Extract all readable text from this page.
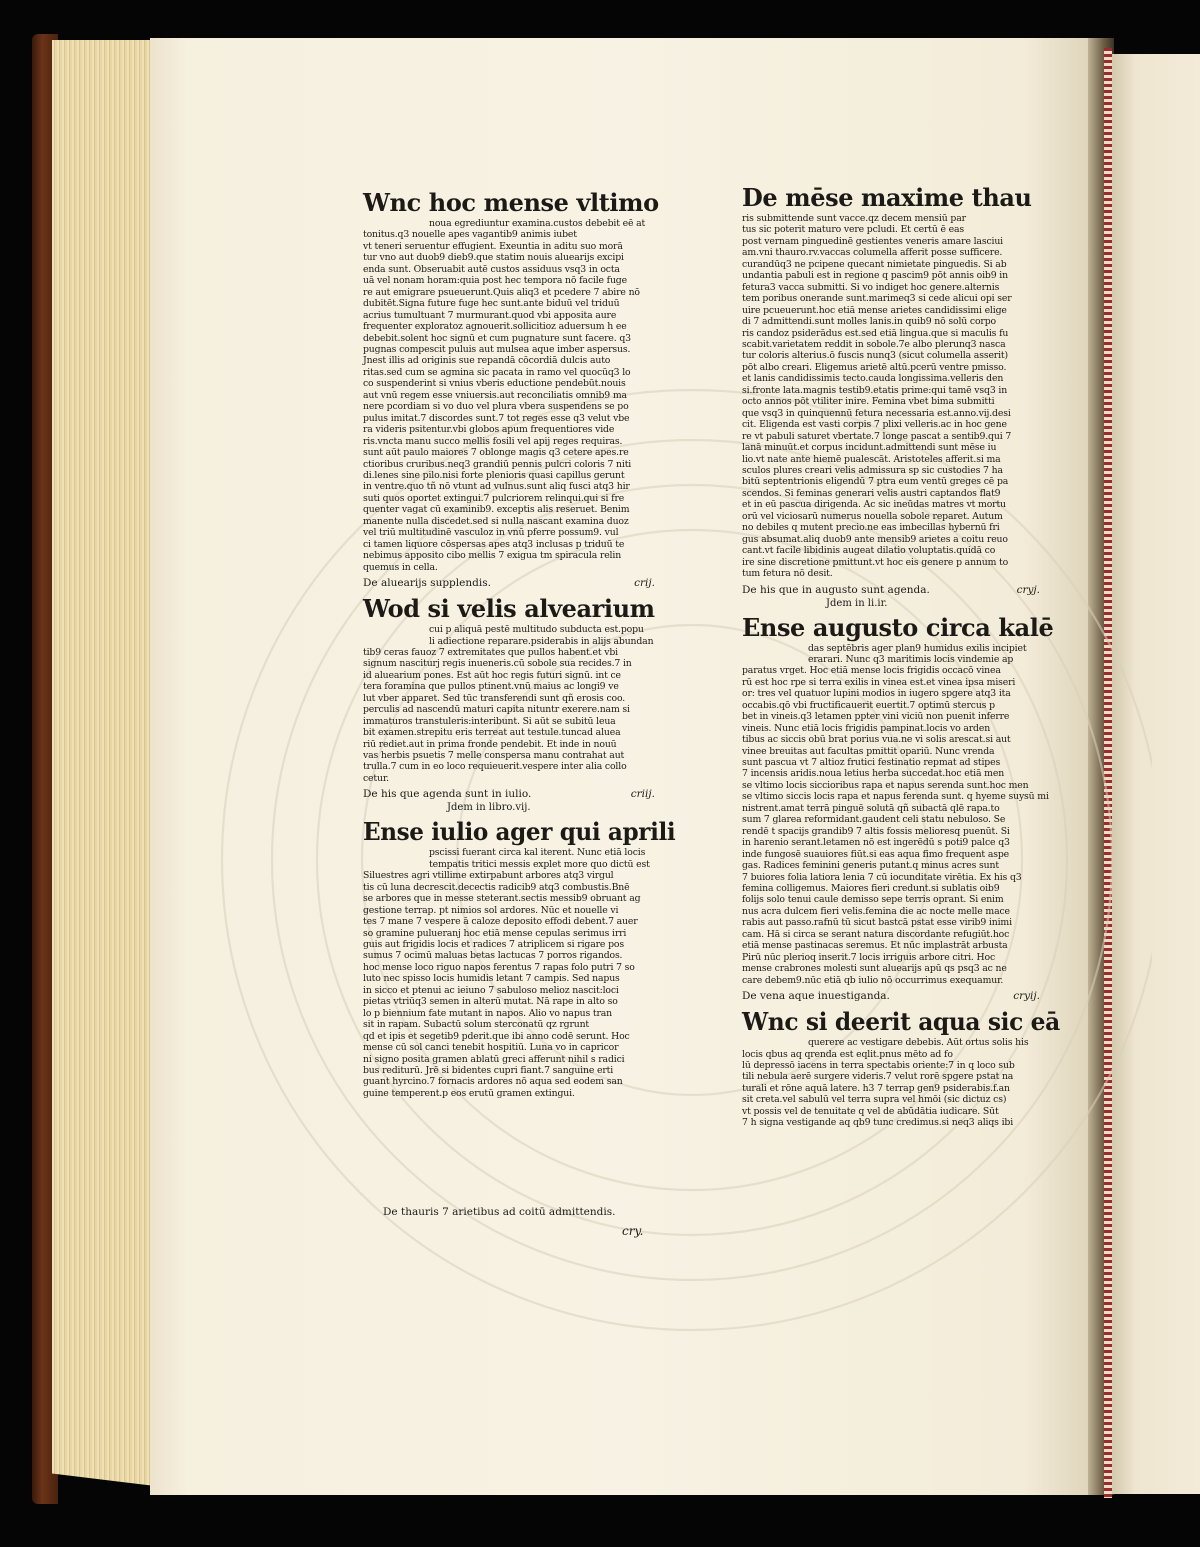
Wnc hoc mense vltimo
noua egrediuntur examina.custos debebit eē at
tonitus.q3 nouelle apes vagantib9 animis iubet
vt teneri seruentur effugient. Exeuntia in aditu suo morā
tur vno aut duob9 dieb9.que statim nouis aluearijs excipi
enda sunt. Obseruabit autē custos assiduus vsq3 in octa
uā vel nonam horam:quia post hec tempora nō facile fuge
re aut emigrare psueuerunt.Quis aliq3 et pcedere 7 abire nō
dubitēt.Signa future fuge hec sunt.ante biduū vel triduū
acrius tumultuant 7 murmurant.quod vbi apposita aure
frequenter exploratoz agnouerit.sollicitioz aduersum h ee
debebit.solent hoc signū et cum pugnature sunt facere. q3
pugnas compescit puluis aut mulsea aque imber aspersus.
Jnest illis ad originis sue repandā cōcordiā dulcis auto
ritas.sed cum se agmina sic pacata in ramo vel quocūq3 lo
co suspenderint si vnius vberis eductione pendebūt.nouis
aut vnū regem esse vniuersis.aut reconciliatis omnib9 ma
nere pcordiam si vo duo vel plura vbera suspendens se po
pulus imitat.7 discordes sunt.7 tot reges esse q3 velut vbe
ra videris psitentur.vbi globos apum frequentiores vide
ris.vncta manu succo mellis fosili vel apij reges requiras.
sunt aūt paulo maiores 7 oblonge magis q3 cetere apes.re
ctioribus cruribus.neq3 grandiū pennis pulcri coloris 7 niti
di.lenes sine pilo.nisi forte plenioris quasi capillus gerunt
in ventre.quo tñ nō vtunt ad vulnus.sunt aliq fusci atq3 hir
suti quos oportet extingui.7 pulcriorem relinqui.qui si fre
quenter vagat cū examinib9. exceptis alis reseruet. Benim
manente nulla discedet.sed si nulla nascant examina duoz
vel triū multitudinē vasculoz in vnū pferre possum9. vul
ci tamen liquore cōspersas apes atq3 inclusas p triduū te
nebimus apposito cibo mellis 7 exigua tm spiracula relin
quemus in cella.
De aluearijs supplendis.	crij.
Wod si velis alvearium
cui p aliquā pestē multitudo subducta est.popu
li adiectione reparare.psiderabis in alijs abundan
tib9 ceras fauoz 7 extremitates que pullos habent.et vbi
signum nasciturj regis inueneris.cū sobole sua recides.7 in
id aluearium pones. Est aūt hoc regis futuri signū. int ce
tera foramina que pullos ptinent.vnū maius ac longi9 ve
lut vber apparet. Sed tūc transferendi sunt qñ erosis coo.
perculis ad nascendū maturi capita nituntr exerere.nam si
immaturos transtuleris:interibunt. Si aūt se subitū leua
bit examen.strepitu eris terreat aut testule.tuncad aluea
riū rediet.aut in prima fronde pendebit. Et inde in nouū
vas herbis psuetis 7 melle conspersa manu contrahat aut
trulla.7 cum in eo loco requieuerit.vespere inter alia collo
cetur.
De his que agenda sunt in iulio.	criij.
Jdem in libro.vij.
Ense iulio ager qui aprili
pscissi fuerant circa kal iterent. Nunc etiā locis
tempatis tritici messis explet more quo dictū est
Siluestres agri vtillime extirpabunt arbores atq3 virgul
tis cū luna decrescit.decectis radicib9 atq3 combustis.Bnē
se arbores que in messe steterant.sectis messib9 obruant ag
gestione terrap. pt nimios sol ardores. Nūc et nouelle vi
tes 7 mane 7 vespere ā caloze deposito effodi debent.7 auer
so gramine pulueranj hoc etiā mense cepulas serimus irri
guis aut frigidis locis et radices 7 atriplicem si rigare pos
sumus 7 ocimū maluas betas lactucas 7 porros rigandos.
hoc mense loco riguo napos ferentus 7 rapas folo putri 7 so
luto nec spisso locis humidis letant 7 campis. Sed napus
in sicco et ptenui ac ieiuno 7 sabuloso melioz nascit:loci
pietas vtriūq3 semen in alterū mutat. Nā rape in alto so
lo p biennium fate mutant in napos. Alio vo napus tran
sit in rapam. Subactū solum sterconatū qz rgrunt
qd et ipis et segetib9 pderit.que ibi anno codē serunt. Hoc
mense cū sol canci tenebit hospitiū. Luna vo in capricor
ni signo posita gramen ablatū greci afferunt nihil s radici
bus rediturū. Jrē si bidentes cupri fiant.7 sanguine erti
guant hyrcino.7 fornacis ardores nō aqua sed eodem san
guine temperent.p eos erutū gramen extingui.
De thauris 7 arietibus ad coitū admittendis.
cry.
De mēse maxime thau
ris submittende sunt vacce.qz decem mensiū par
tus sic poterit maturo vere pcludi. Et certū ē eas
post vernam pinguedinē gestientes veneris amare lasciui
am.vni thauro.rv.vaccas columella afferit posse sufficere.
curandūq3 ne pcipene quecant nimietate pinguedis. Si ab
undantia pabuli est in regione q pascim9 pōt annis oib9 in
fetura3 vacca submitti. Si vo indiget hoc genere.alternis
tem poribus onerande sunt.marimeq3 si cede alicui opi ser
uire pcueuerunt.hoc etiā mense arietes candidissimi elige
di 7 admittendi.sunt molles lanis.in quib9 nō solū corpo
ris candoz psiderādus est.sed etiā lingua.que si maculis fu
scabit.varietatem reddit in sobole.7e albo plerunq3 nasca
tur coloris alterius.ō fuscis nunq3 (sicut columella asserit)
pōt albo creari. Eligemus arietē altū.pcerū ventre pmisso.
et lanis candidissimis tecto.cauda longissima.velleris den
si.fronte lata.magnis testib9.etatis prime:qui tamē vsq3 in
octo annos pōt vtiliter inire. Femina vbet bima submitti
que vsq3 in quinquennū fetura necessaria est.anno.vij.desi
cit. Eligenda est vasti corpis 7 plixi velleris.ac in hoc gene
re vt pabuli saturet vbertate.7 longe pascat a sentib9.qui 7
lanā minuūt.et corpus incidunt.admittendi sunt mēse iu
lio.vt nate ante hiemē pualescāt. Aristoteles afferit.si ma
sculos plures creari velis admissura sp sic custodies 7 ha
bitū septentrionis eligendū 7 ptra eum ventū greges cē pa
scendos. Si feminas generari velis austri captandos flat9
et in eū pascua dirigenda. Ac sic ineūdas matres vt mortu
orū vel viciosarū numerus nouella sobole reparet. Autum
no debiles q mutent precio.ne eas imbecillas hybernū fri
gus absumat.aliq duob9 ante mensib9 arietes a coitu reuo
cant.vt facile libidinis augeat dilatio voluptatis.quidā co
ire sine discretione pmittunt.vt hoc eis genere p annum to
tum fetura nō desit.
De his que in augusto sunt agenda.	cryj.
Jdem in li.ir.
Ense augusto circa kalē
das septēbris ager plan9 humidus exilis incipiet
erarari. Nunc q3 maritimis locis vindemie ap
paratus vrget. Hoc etiā mense locis frigidis occacō vinea
rū est hoc rpe si terra exilis in vinea est.et vinea ipsa miseri
or: tres vel quatuor lupini modios in iugero spgere atq3 ita
occabis.qō vbi fructificauerit euertit.7 optimū stercus p
bet in vineis.q3 letamen ppter vini viciū non puenit inferre
vineis. Nunc etiā locis frigidis pampinat.locis vo arden
tibus ac siccis obū brat porius vua.ne vi solis arescat.si aut
vinee breuitas aut facultas pmittit opariū. Nunc vrenda
sunt pascua vt 7 altioz frutici festinatio repmat ad stipes
7 incensis aridis.noua letius herba succedat.hoc etiā men
se vltimo locis siccioribus rapa et napus serenda sunt.hoc men
se vltimo siccis locis rapa et napus ferenda sunt. q hyeme suysū mi
nistrent.amat terrā pinguē solutā qñ subactā qlē rapa.to
sum 7 glarea reformidant.gaudent celi statu nebuloso. Se
rendē t spacijs grandib9 7 altis fossis melioresq puenūt. Si
in harenio serant.letamen nō est ingerēdū s poti9 palce q3
inde fungosē suauiores fiūt.si eas aqua fimo frequent aspe
gas. Radices feminini generis putant.q minus acres sunt
7 buiores folia latiora lenia 7 cū iocunditate virētia. Ex his q3
femina colligemus. Maiores fieri credunt.si sublatis oib9
folijs solo tenui caule demisso sepe terris oprant. Si enim
nus acra dulcem fieri velis.femina die ac nocte melle mace
rabis aut passo.rafnū tū sicut bastcā pstat esse virib9 inimi
cam. Hā si circa se serant natura discordante refugiūt.hoc
etiā mense pastinacas seremus. Et nūc implastrāt arbusta
Pirū nūc plerioq inserit.7 locis irriguis arbore citri. Hoc
mense crabrones molesti sunt aluearijs apū qs psq3 ac ne
care debem9.nūc etiā qb iulio nō occurrimus exequamur.
De vena aque inuestiganda.	cryij.
Wnc si deerit aqua sic eā
querere ac vestigare debebis. Aūt ortus solis his
locis qbus aq qrenda est eqlit.pnus mēto ad fo
lū depressō iacens in terra spectabis oriente:7 in q loco sub
tili nebula aerē surgere videris.7 velut rorē spgere pstat na
turali et rōne aquā latere. h3 7 terrap gen9 psiderabis.f.an
sit creta.vel sabulū vel terra supra vel hmōi (sic dictuz cs)
vt possis vel de tenuitate q vel de abūdātia iudicare. Sūt
7 h signa vestigande aq qb9 tunc credimus.si neq3 aliqs ibi
